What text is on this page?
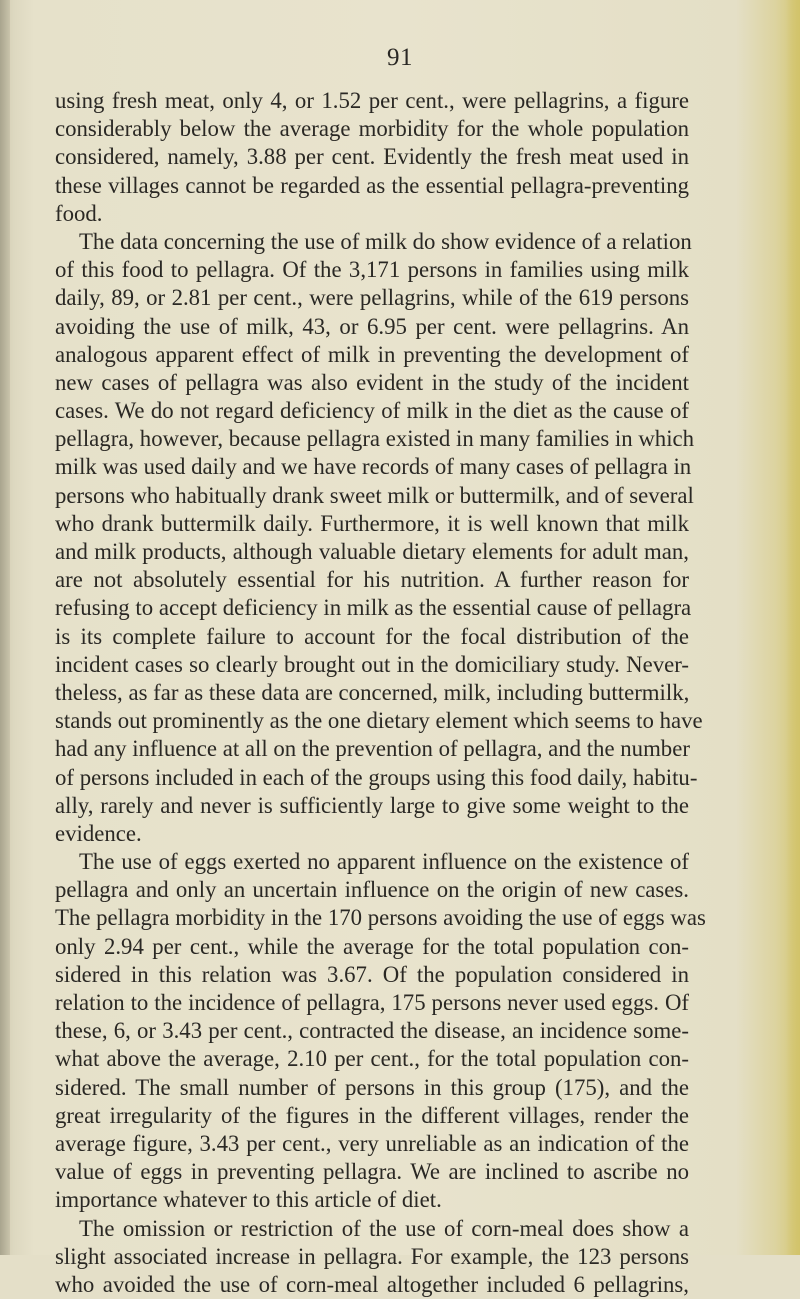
91
using fresh meat, only 4, or 1.52 per cent., were pellagrins, a figure
considerably below the average morbidity for the whole population
considered, namely, 3.88 per cent. Evidently the fresh meat used in
these villages cannot be regarded as the essential pellagra-preventing
food.
The data concerning the use of milk do show evidence of a relation
of this food to pellagra. Of the 3,171 persons in families using milk
daily, 89, or 2.81 per cent., were pellagrins, while of the 619 persons
avoiding the use of milk, 43, or 6.95 per cent. were pellagrins. An
analogous apparent effect of milk in preventing the development of
new cases of pellagra was also evident in the study of the incident
cases. We do not regard deficiency of milk in the diet as the cause of
pellagra, however, because pellagra existed in many families in which
milk was used daily and we have records of many cases of pellagra in
persons who habitually drank sweet milk or buttermilk, and of several
who drank buttermilk daily. Furthermore, it is well known that milk
and milk products, although valuable dietary elements for adult man,
are not absolutely essential for his nutrition. A further reason for
refusing to accept deficiency in milk as the essential cause of pellagra
is its complete failure to account for the focal distribution of the
incident cases so clearly brought out in the domiciliary study. Never-
theless, as far as these data are concerned, milk, including buttermilk,
stands out prominently as the one dietary element which seems to have
had any influence at all on the prevention of pellagra, and the number
of persons included in each of the groups using this food daily, habitu-
ally, rarely and never is sufficiently large to give some weight to the
evidence.
The use of eggs exerted no apparent influence on the existence of
pellagra and only an uncertain influence on the origin of new cases.
The pellagra morbidity in the 170 persons avoiding the use of eggs was
only 2.94 per cent., while the average for the total population con-
sidered in this relation was 3.67. Of the population considered in
relation to the incidence of pellagra, 175 persons never used eggs. Of
these, 6, or 3.43 per cent., contracted the disease, an incidence some-
what above the average, 2.10 per cent., for the total population con-
sidered. The small number of persons in this group (175), and the
great irregularity of the figures in the different villages, render the
average figure, 3.43 per cent., very unreliable as an indication of the
value of eggs in preventing pellagra. We are inclined to ascribe no
importance whatever to this article of diet.
The omission or restriction of the use of corn-meal does show a
slight associated increase in pellagra. For example, the 123 persons
who avoided the use of corn-meal altogether included 6 pellagrins,
